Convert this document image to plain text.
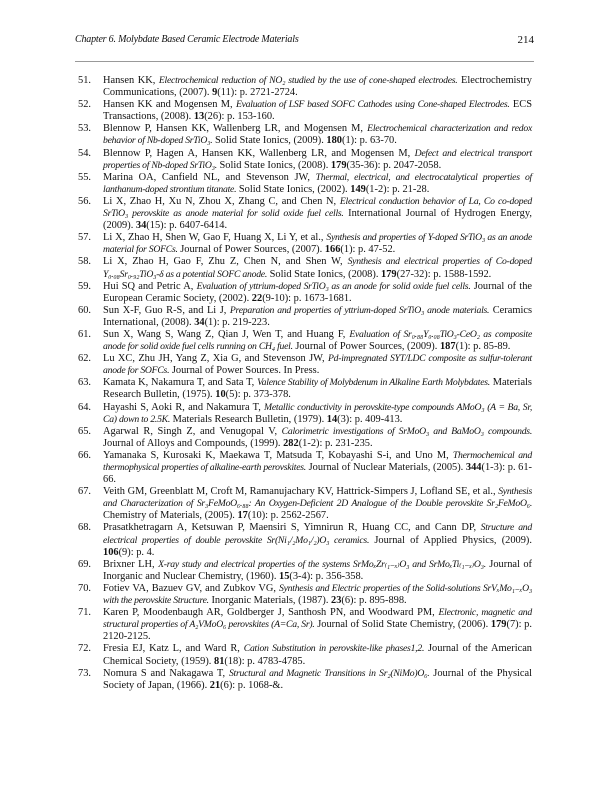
Chapter 6. Molybdate Based Ceramic Electrode Materials	214
51. Hansen KK, Electrochemical reduction of NO₂ studied by the use of cone-shaped electrodes. Electrochemistry Communications, (2007). 9(11): p. 2721-2724.
52. Hansen KK and Mogensen M, Evaluation of LSF based SOFC Cathodes using Cone-shaped Electrodes. ECS Transactions, (2008). 13(26): p. 153-160.
53. Blennow P, Hansen KK, Wallenberg LR, and Mogensen M, Electrochemical characterization and redox behavior of Nb-doped SrTiO₃. Solid State Ionics, (2009). 180(1): p. 63-70.
54. Blennow P, Hagen A, Hansen KK, Wallenberg LR, and Mogensen M, Defect and electrical transport properties of Nb-doped SrTiO₃. Solid State Ionics, (2008). 179(35-36): p. 2047-2058.
55. Marina OA, Canfield NL, and Stevenson JW, Thermal, electrical, and electrocatalytical properties of lanthanum-doped strontium titanate. Solid State Ionics, (2002). 149(1-2): p. 21-28.
56. Li X, Zhao H, Xu N, Zhou X, Zhang C, and Chen N, Electrical conduction behavior of La, Co co-doped SrTiO₃ perovskite as anode material for solid oxide fuel cells. International Journal of Hydrogen Energy, (2009). 34(15): p. 6407-6414.
57. Li X, Zhao H, Shen W, Gao F, Huang X, Li Y, et al., Synthesis and properties of Y-doped SrTiO₃ as an anode material for SOFCs. Journal of Power Sources, (2007). 166(1): p. 47-52.
58. Li X, Zhao H, Gao F, Zhu Z, Chen N, and Shen W, Synthesis and electrical properties of Co-doped Y₀.₀₈Sr₀.₉₂TiO₃-δ as a potential SOFC anode. Solid State Ionics, (2008). 179(27-32): p. 1588-1592.
59. Hui SQ and Petric A, Evaluation of yttrium-doped SrTiO₃ as an anode for solid oxide fuel cells. Journal of the European Ceramic Society, (2002). 22(9-10): p. 1673-1681.
60. Sun X-F, Guo R-S, and Li J, Preparation and properties of yttrium-doped SrTiO₃ anode materials. Ceramics International, (2008). 34(1): p. 219-223.
61. Sun X, Wang S, Wang Z, Qian J, Wen T, and Huang F, Evaluation of Sr₀.₈₈Y₀.₀₈TiO₃-CeO₂ as composite anode for solid oxide fuel cells running on CH₄ fuel. Journal of Power Sources, (2009). 187(1): p. 85-89.
62. Lu XC, Zhu JH, Yang Z, Xia G, and Stevenson JW, Pd-impregnated SYT/LDC composite as sulfur-tolerant anode for SOFCs. Journal of Power Sources. In Press.
63. Kamata K, Nakamura T, and Sata T, Valence Stability of Molybdenum in Alkaline Earth Molybdates. Materials Research Bulletin, (1975). 10(5): p. 373-378.
64. Hayashi S, Aoki R, and Nakamura T, Metallic conductivity in perovskite-type compounds AMoO₃ (A = Ba, Sr, Ca) down to 2.5K. Materials Research Bulletin, (1979). 14(3): p. 409-413.
65. Agarwal R, Singh Z, and Venugopal V, Calorimetric investigations of SrMoO₃ and BaMoO₃ compounds. Journal of Alloys and Compounds, (1999). 282(1-2): p. 231-235.
66. Yamanaka S, Kurosaki K, Maekawa T, Matsuda T, Kobayashi S-i, and Uno M, Thermochemical and thermophysical properties of alkaline-earth perovskites. Journal of Nuclear Materials, (2005). 344(1-3): p. 61-66.
67. Veith GM, Greenblatt M, Croft M, Ramanujachary KV, Hattrick-Simpers J, Lofland SE, et al., Synthesis and Characterization of Sr₃FeMoO₆.₈₈: An Oxygen-Deficient 2D Analogue of the Double perovskite Sr₂FeMoO₆. Chemistry of Materials, (2005). 17(10): p. 2562-2567.
68. Prasatkhetragarn A, Ketsuwan P, Maensiri S, Yimnirun R, Huang CC, and Cann DP, Structure and electrical properties of double perovskite Sr(Ni₁/₂Mo₁/₂)O₃ ceramics. Journal of Applied Physics, (2009). 106(9): p. 4.
69. Brixner LH, X-ray study and electrical properties of the systems SrMoₓZr₍₁₋ₓ₎O₃ and SrMoₓTi₍₁₋ₓ₎O₃. Journal of Inorganic and Nuclear Chemistry, (1960). 15(3-4): p. 356-358.
70. Fotiev VA, Bazuev GV, and Zubkov VG, Synthesis and Electric properties of the Solid-solutions SrVₓMo₁₋ₓO₃ with the perovskite Structure. Inorganic Materials, (1987). 23(6): p. 895-898.
71. Karen P, Moodenbaugh AR, Goldberger J, Santhosh PN, and Woodward PM, Electronic, magnetic and structural properties of A₂VMoO₆ perovskites (A=Ca, Sr). Journal of Solid State Chemistry, (2006). 179(7): p. 2120-2125.
72. Fresia EJ, Katz L, and Ward R, Cation Substitution in perovskite-like phases1,2. Journal of the American Chemical Society, (1959). 81(18): p. 4783-4785.
73. Nomura S and Nakagawa T, Structural and Magnetic Transitions in Sr₂(NiMo)O₆. Journal of the Physical Society of Japan, (1966). 21(6): p. 1068-&.
